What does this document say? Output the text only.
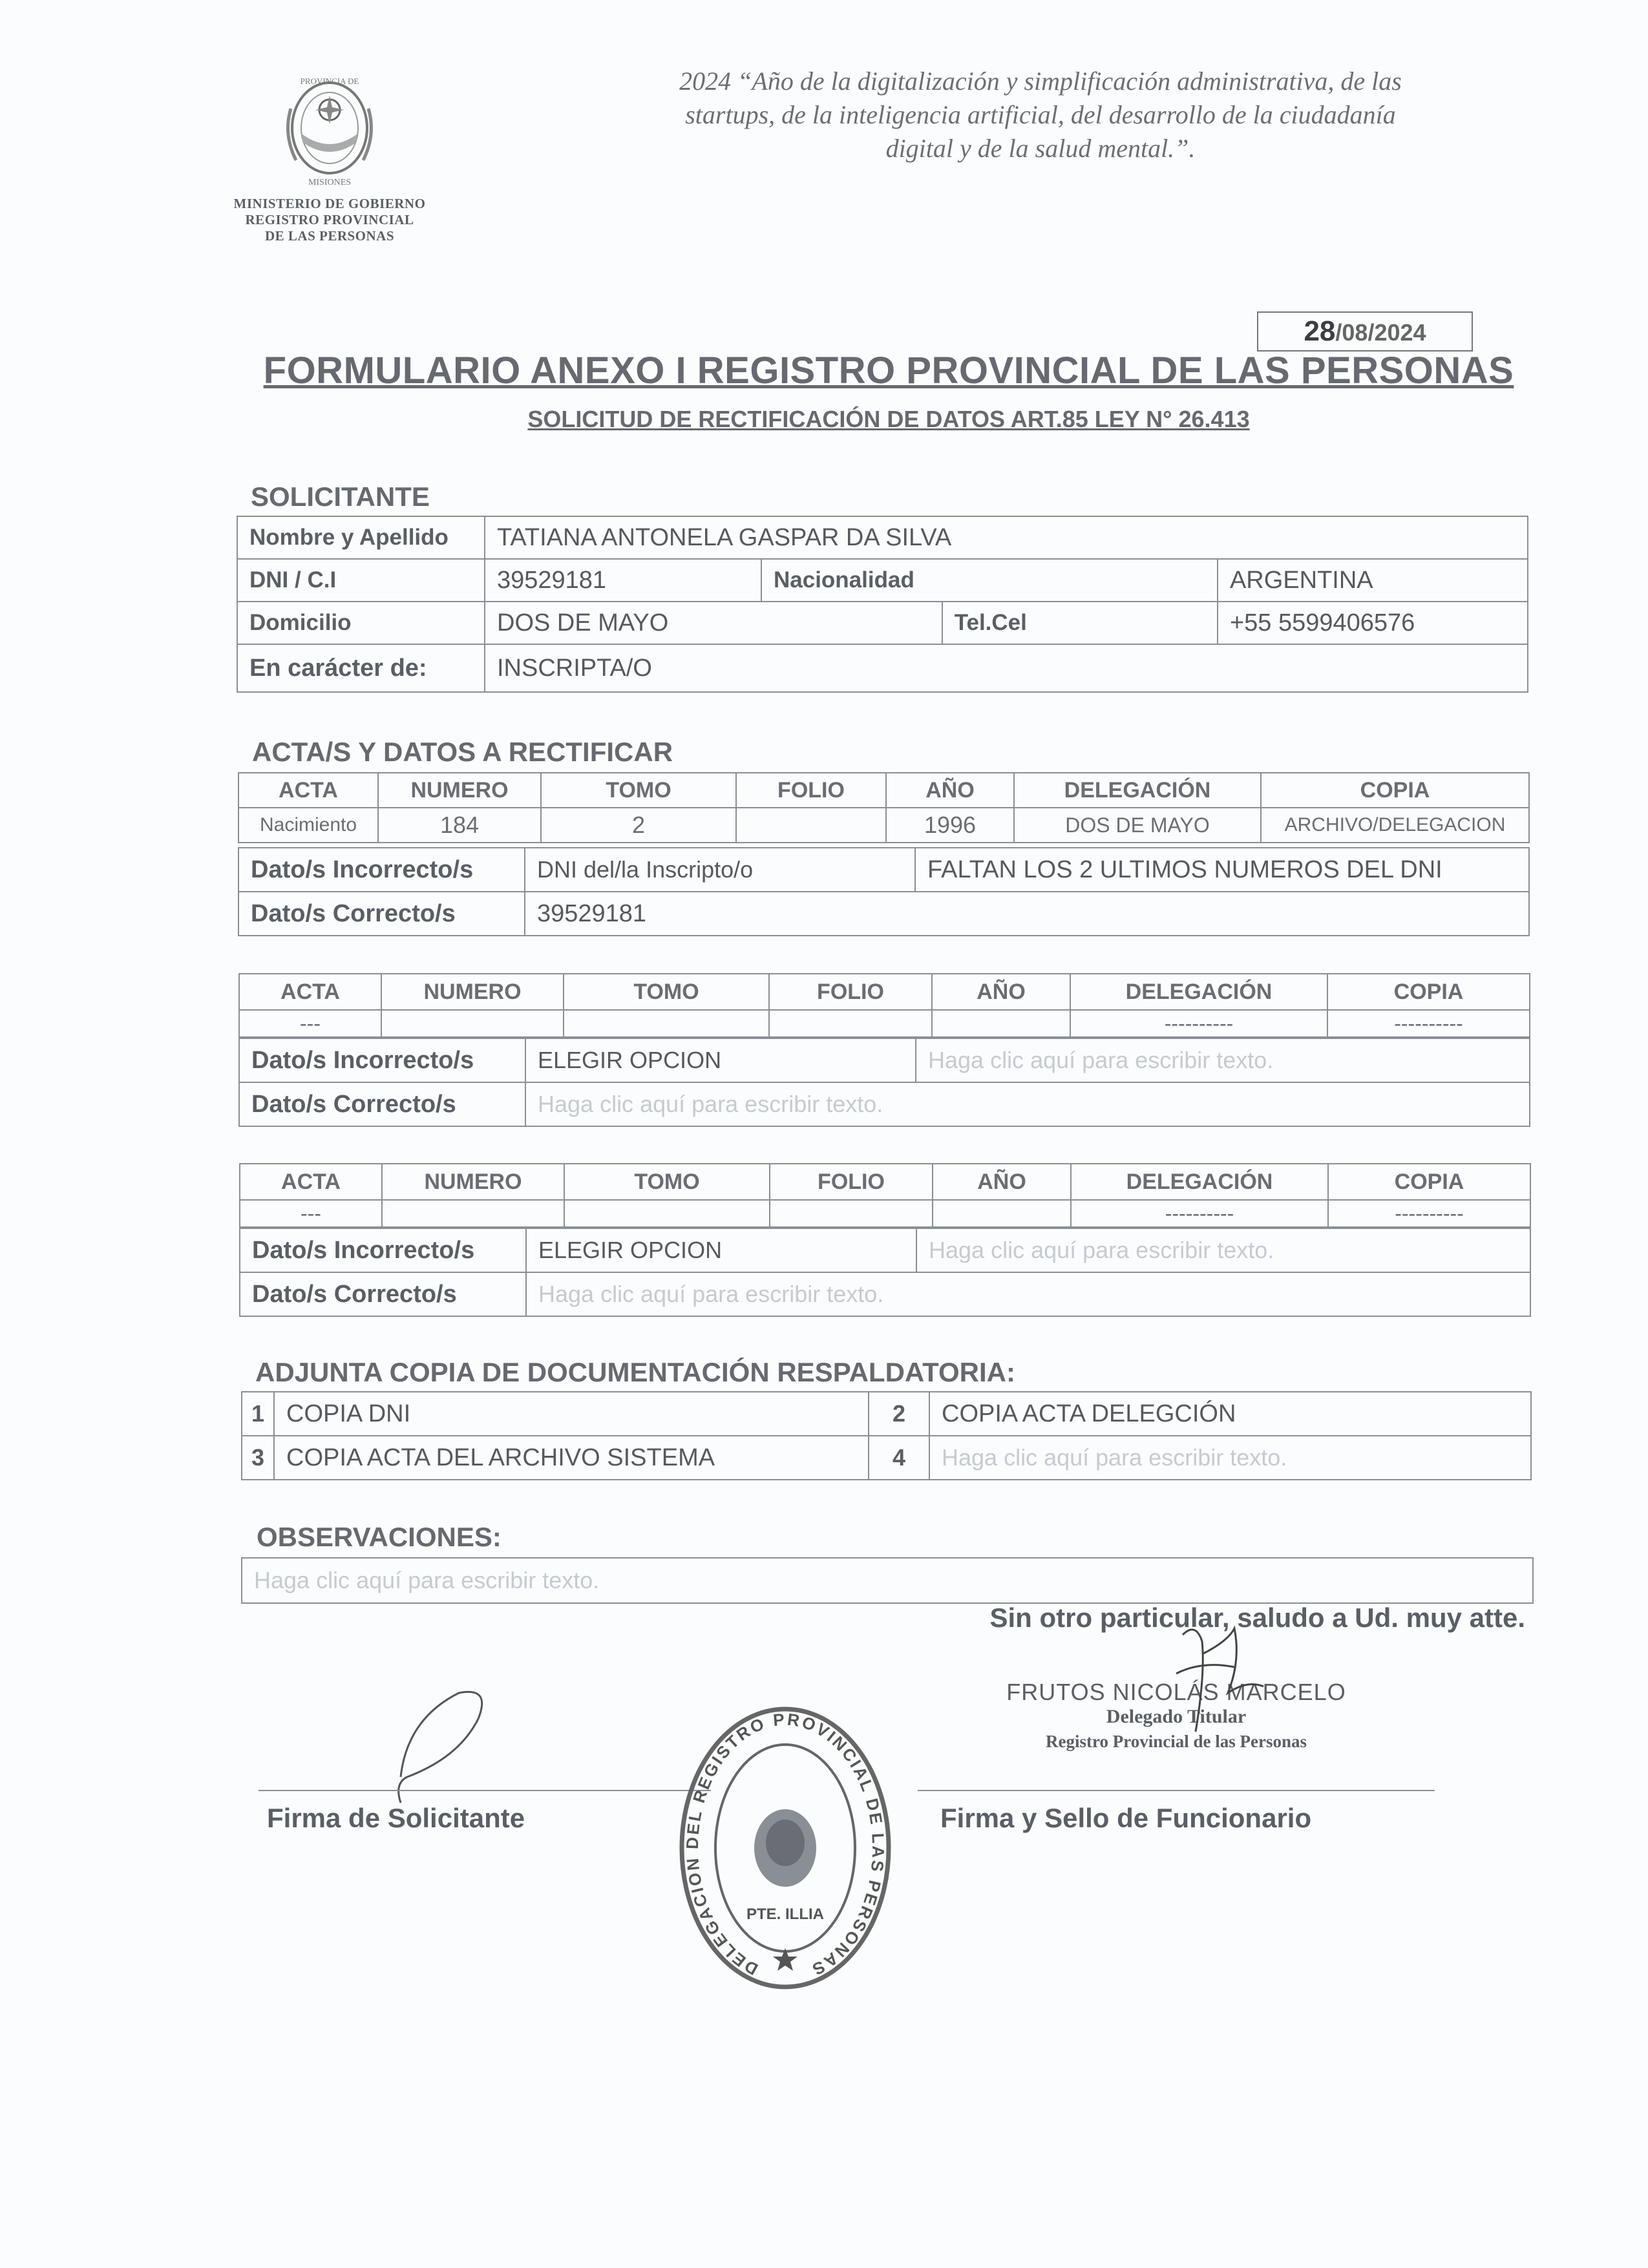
PROVINCIA DE
MISIONES
MINISTERIO DE GOBIERNO
REGISTRO PROVINCIAL
DE LAS PERSONAS
2024 “Año de la digitalización y simplificación administrativa, de las
startups, de la inteligencia artificial, del desarrollo de la ciudadanía
digital y de la salud mental.”.
28/08/2024
FORMULARIO ANEXO I REGISTRO PROVINCIAL DE LAS PERSONAS
SOLICITUD DE RECTIFICACIÓN DE DATOS ART.85 LEY N° 26.413
SOLICITANTE
Nombre y Apellido	TATIANA ANTONELA GASPAR DA SILVA			
DNI / C.I	39529181	Nacionalidad		ARGENTINA
Domicilio	DOS DE MAYO		Tel.Cel	+55 5599406576
En carácter de:	INSCRIPTA/O			
ACTA/S Y DATOS A RECTIFICAR
ACTA	NUMERO	TOMO	FOLIO	AÑO	DELEGACIÓN	COPIA
Nacimiento	184	2		1996	DOS DE MAYO	ARCHIVO/DELEGACION
Dato/s Incorrecto/s	DNI del/la Inscripto/o	FALTAN LOS 2 ULTIMOS NUMEROS DEL DNI
Dato/s Correcto/s	39529181	
ACTA	NUMERO	TOMO	FOLIO	AÑO	DELEGACIÓN	COPIA
---					----------	----------
Dato/s Incorrecto/s	ELEGIR OPCION	Haga clic aquí para escribir texto.
Dato/s Correcto/s	Haga clic aquí para escribir texto.	
ACTA	NUMERO	TOMO	FOLIO	AÑO	DELEGACIÓN	COPIA
---					----------	----------
Dato/s Incorrecto/s	ELEGIR OPCION	Haga clic aquí para escribir texto.
Dato/s Correcto/s	Haga clic aquí para escribir texto.	
ADJUNTA COPIA DE DOCUMENTACIÓN RESPALDATORIA:
1	COPIA DNI	2	COPIA ACTA DELEGCIÓN
3	COPIA ACTA DEL ARCHIVO SISTEMA	4	Haga clic aquí para escribir texto.
OBSERVACIONES:
Haga clic aquí para escribir texto.
Sin otro particular, saludo a Ud. muy atte.
FRUTOS NICOLÁS MARCELO
Delegado Titular
Registro Provincial de las Personas
Firma de Solicitante	Firma y Sello de Funcionario
DELEGACION DEL REGISTRO PROVINCIAL DE LAS PERSONAS
PTE. ILLIA
